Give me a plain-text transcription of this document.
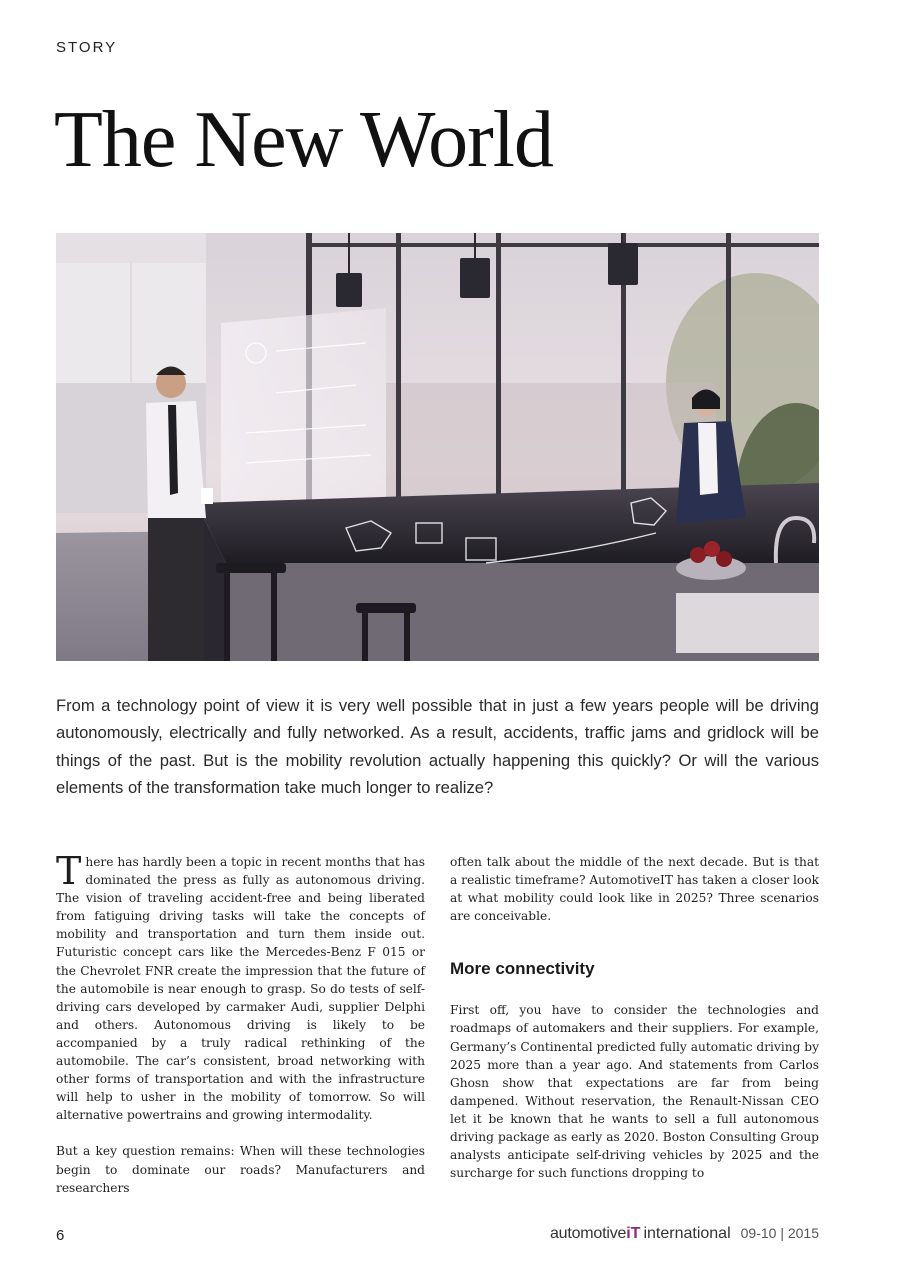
STORY
The New World

From a technology point of view it is very well possible that in just a few years people will be driving autonomously, electrically and fully networked. As a result, accidents, traffic jams and gridlock will be things of the past. But is the mobility revolution actually happening this quickly? Or will the various elements of the transformation take much longer to realize?

There has hardly been a topic in recent months that has dominated the press as fully as autonomous driving. The vision of traveling accident-free and being liberated from fatiguing driving tasks will take the concepts of mobility and transportation and turn them inside out. Futuristic concept cars like the Mercedes-Benz F 015 or the Chevrolet FNR create the impression that the future of the automobile is near enough to grasp. So do tests of self-driving cars developed by carmaker Audi, supplier Delphi and others. Autonomous driving is likely to be accompanied by a truly radical rethinking of the automobile. The car’s consistent, broad networking with other forms of transportation and with the infrastructure will help to usher in the mobility of tomorrow. So will alternative powertrains and growing intermodality.

But a key question remains: When will these technologies begin to dominate our roads? Manufacturers and researchers

often talk about the middle of the next decade. But is that a realistic timeframe? AutomotiveIT has taken a closer look at what mobility could look like in 2025? Three scenarios are conceivable.

More connectivity

First off, you have to consider the technologies and roadmaps of automakers and their suppliers. For example, Germany’s Continental predicted fully automatic driving by 2025 more than a year ago. And statements from Carlos Ghosn show that expectations are far from being dampened. Without reservation, the Renault-Nissan CEO let it be known that he wants to sell a full autonomous driving package as early as 2020. Boston Consulting Group analysts anticipate self-driving vehicles by 2025 and the surcharge for such functions dropping to

6	automotiveiT international 09-10 | 2015
